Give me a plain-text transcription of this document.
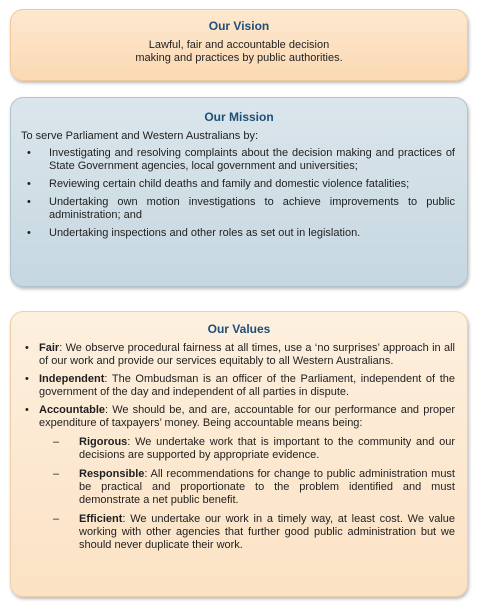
Our Vision

Lawful, fair and accountable decision
making and practices by public authorities.

Our Mission

To serve Parliament and Western Australians by:

• Investigating and resolving complaints about the decision making and practices of State Government agencies, local government and universities;
• Reviewing certain child deaths and family and domestic violence fatalities;
• Undertaking own motion investigations to achieve improvements to public administration; and
• Undertaking inspections and other roles as set out in legislation.

Our Values

• Fair: We observe procedural fairness at all times, use a ‘no surprises’ approach in all of our work and provide our services equitably to all Western Australians.
• Independent: The Ombudsman is an officer of the Parliament, independent of the government of the day and independent of all parties in dispute.
• Accountable: We should be, and are, accountable for our performance and proper expenditure of taxpayers’ money. Being accountable means being:
– Rigorous: We undertake work that is important to the community and our decisions are supported by appropriate evidence.
– Responsible: All recommendations for change to public administration must be practical and proportionate to the problem identified and must demonstrate a net public benefit.
– Efficient: We undertake our work in a timely way, at least cost. We value working with other agencies that further good public administration but we should never duplicate their work.
